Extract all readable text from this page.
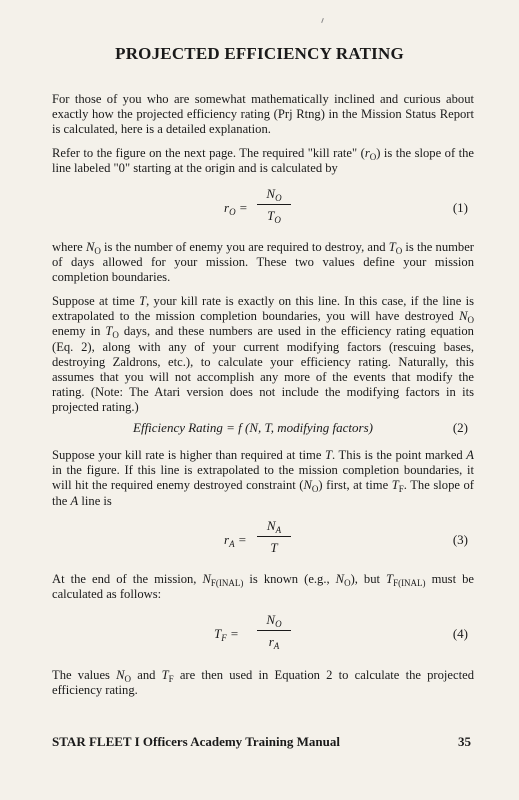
PROJECTED EFFICIENCY RATING
For those of you who are somewhat mathematically inclined and curious about exactly how the projected efficiency rating (Prj Rtng) in the Mission Status Report is calculated, here is a detailed explanation.
Refer to the figure on the next page. The required "kill rate" $(r_O)$ is the slope of the line labeled "0" starting at the origin and is calculated by
$r_O = \frac{N_O}{T_O}$	(1)
where $N_O$ is the number of enemy you are required to destroy, and $T_O$ is the number of days allowed for your mission. These two values define your mission completion boundaries.
Suppose at time T, your kill rate is exactly on this line. In this case, if the line is extrapolated to the mission completion boundaries, you will have destroyed $N_O$ enemy in $T_O$ days, and these numbers are used in the efficiency rating equation (Eq. 2), along with any of your current modifying factors (rescuing bases, destroying Zaldrons, etc.), to calculate your efficiency rating. Naturally, this assumes that you will not accomplish any more of the events that modify the rating. (Note: The Atari version does not include the modifying factors in its projected rating.)
Efficiency Rating = f (N, T, modifying factors)	(2)
Suppose your kill rate is higher than required at time T. This is the point marked A in the figure. If this line is extrapolated to the mission completion boundaries, it will hit the required enemy destroyed constraint $(N_O)$ first, at time $T_F$. The slope of the A line is
$r_A = \frac{N_A}{T}$	(3)
At the end of the mission, $N_{F(INAL)}$ is known (e.g., $N_O$), but $T_{F(INAL)}$ must be calculated as follows:
$T_F = \frac{N_O}{r_A}$	(4)
The values $N_O$ and $T_F$ are then used in Equation 2 to calculate the projected efficiency rating.
STAR FLEET I Officers Academy Training Manual	35
